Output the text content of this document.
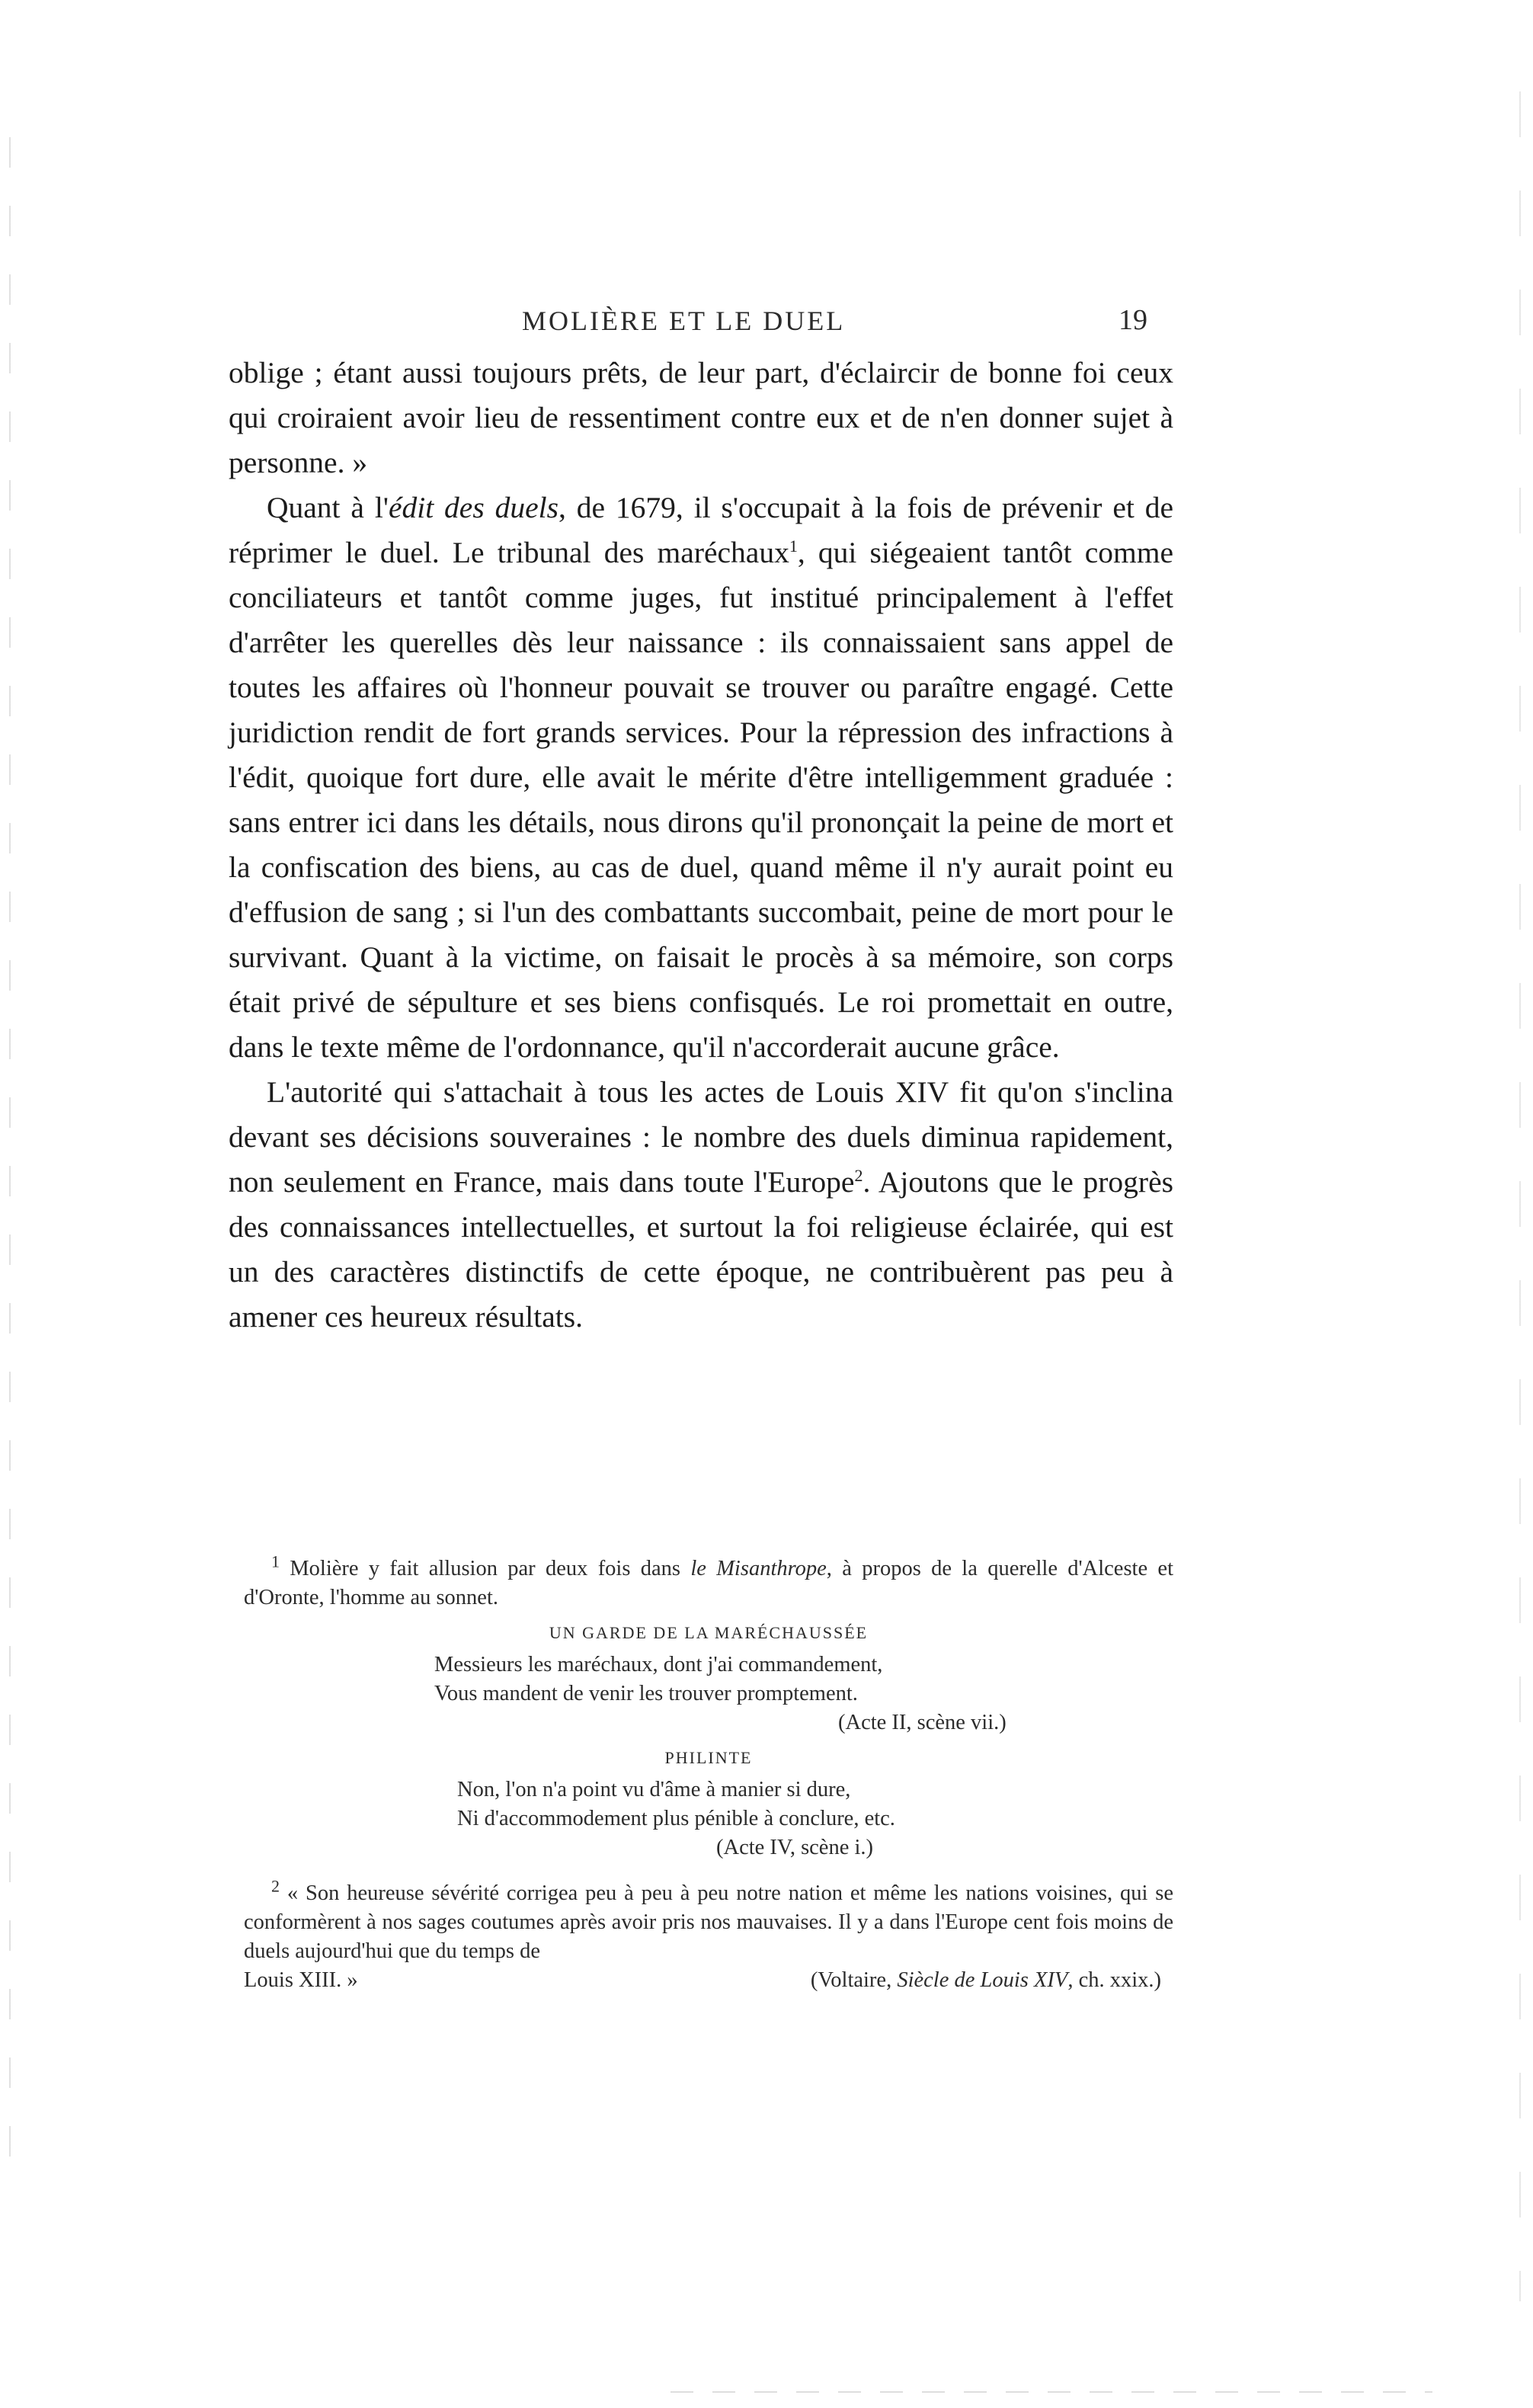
MOLIÈRE ET LE DUEL	19

oblige ; étant aussi toujours prêts, de leur part, d'éclaircir de bonne foi ceux qui croiraient avoir lieu de ressentiment contre eux et de n'en donner sujet à personne. »

Quant à l'édit des duels, de 1679, il s'occupait à la fois de prévenir et de réprimer le duel. Le tribunal des maréchaux$^1$, qui siégeaient tantôt comme conciliateurs et tantôt comme juges, fut institué principalement à l'effet d'arrêter les querelles dès leur naissance : ils connaissaient sans appel de toutes les affaires où l'honneur pouvait se trouver ou paraître engagé. Cette juridiction rendit de fort grands services. Pour la répression des infractions à l'édit, quoique fort dure, elle avait le mérite d'être intelligemment graduée : sans entrer ici dans les détails, nous dirons qu'il prononçait la peine de mort et la confiscation des biens, au cas de duel, quand même il n'y aurait point eu d'effusion de sang ; si l'un des combattants succombait, peine de mort pour le survivant. Quant à la victime, on faisait le procès à sa mémoire, son corps était privé de sépulture et ses biens confisqués. Le roi promettait en outre, dans le texte même de l'ordonnance, qu'il n'accorderait aucune grâce.

L'autorité qui s'attachait à tous les actes de Louis XIV fit qu'on s'inclina devant ses décisions souveraines : le nombre des duels diminua rapidement, non seulement en France, mais dans toute l'Europe$^2$. Ajoutons que le progrès des connaissances intellectuelles, et surtout la foi religieuse éclairée, qui est un des caractères distinctifs de cette époque, ne contribuèrent pas peu à amener ces heureux résultats.

$^1$ Molière y fait allusion par deux fois dans le Misanthrope, à propos de la querelle d'Alceste et d'Oronte, l'homme au sonnet.

UN GARDE DE LA MARÉCHAUSSÉE

Messieurs les maréchaux, dont j'ai commandement,

Vous mandent de venir les trouver promptement.

(Acte II, scène vii.)

PHILINTE

Non, l'on n'a point vu d'âme à manier si dure,

Ni d'accommodement plus pénible à conclure, etc.

(Acte IV, scène i.)

$^2$ « Son heureuse sévérité corrigea peu à peu à peu notre nation et même les nations voisines, qui se conformèrent à nos sages coutumes après avoir pris nos mauvaises. Il y a dans l'Europe cent fois moins de duels aujourd'hui que du temps de

Louis XIII. »	(Voltaire, Siècle de Louis XIV, ch. xxix.)
